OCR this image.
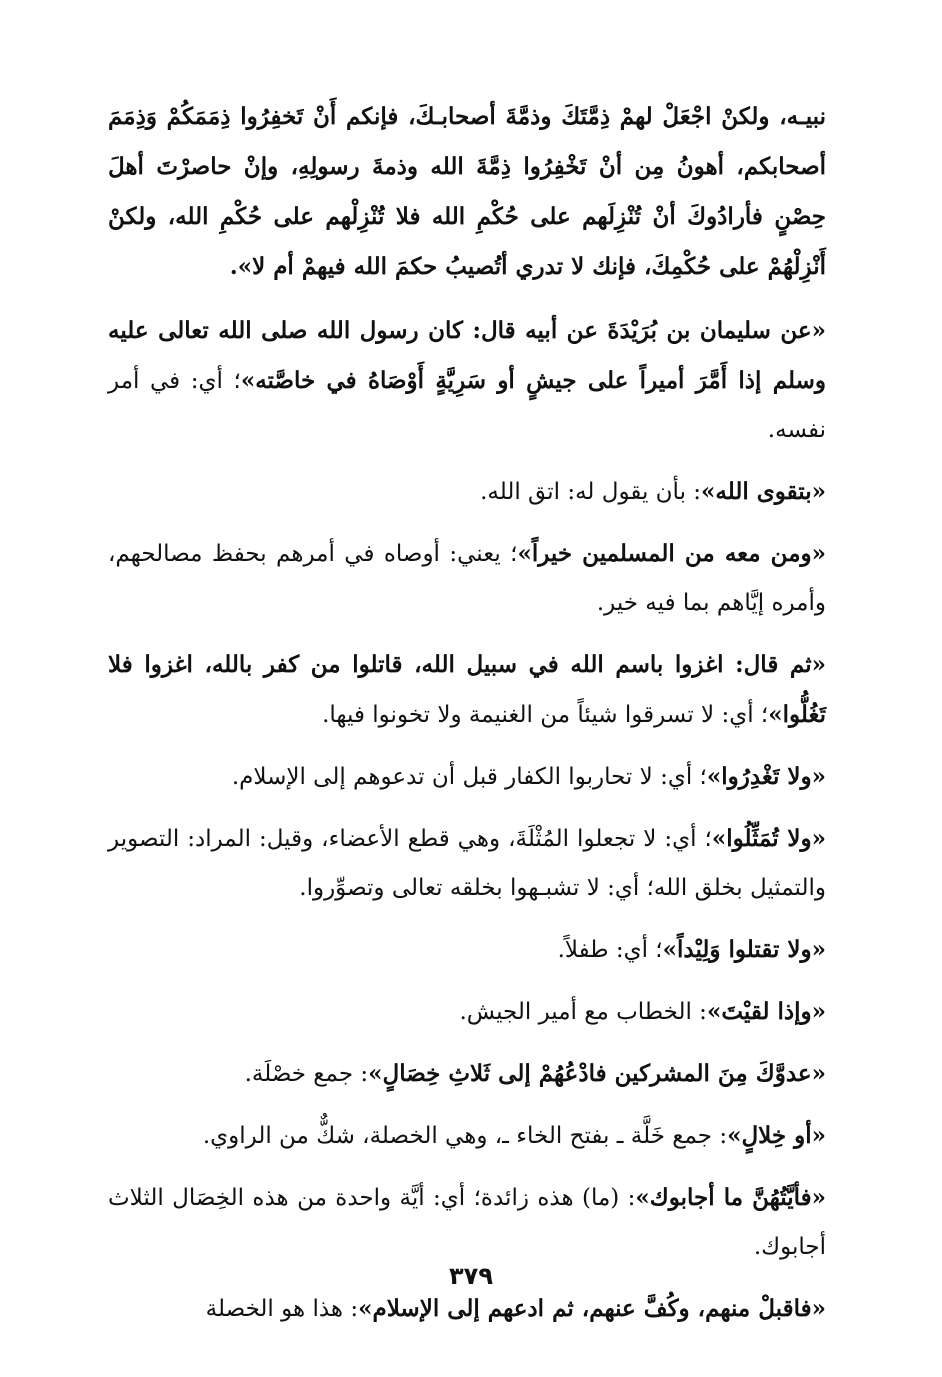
نبيـه، ولكنْ اجْعَلْ لهمْ ذِمَّتَكَ وذمَّةَ أصحابـكَ، فإنكم أَنْ تَخفِرُوا ذِمَمَكُمْ وَذِمَمَ أصحابكم، أهونُ مِن أنْ تَخْفِرُوا ذِمَّةَ الله وذمةَ رسولِهِ، وإنْ حاصرْتَ أهلَ حِصْنٍ فأرادُوكَ أنْ تُنْزِلَهم على حُكْمِ الله فلا تُنْزِلْهم على حُكْمِ الله، ولكنْ أَنْزِلْهُمْ على حُكْمِكَ، فإنك لا تدري أتُصيبُ حكمَ الله فيهمْ أم لا».

«عن سليمان بن بُرَيْدَةَ عن أبيه قال: كان رسول الله صلى الله تعالى عليه وسلم إذا أَمَّرَ أميراً على جيشٍ أو سَرِيَّةٍ أَوْصَاهُ في خاصَّته»؛ أي: في أمر نفسه.

«بتقوى الله»: بأن يقول له: اتق الله.

«ومن معه من المسلمين خيراً»؛ يعني: أوصاه في أمرهم بحفظ مصالحهم، وأمره إيَّاهم بما فيه خير.

«ثم قال: اغزوا باسم الله في سبيل الله، قاتلوا من كفر بالله، اغزوا فلا تَغُلُّوا»؛ أي: لا تسرقوا شيئاً من الغنيمة ولا تخونوا فيها.

«ولا تَغْدِرُوا»؛ أي: لا تحاربوا الكفار قبل أن تدعوهم إلى الإسلام.

«ولا تُمَثِّلُوا»؛ أي: لا تجعلوا المُثْلَةَ، وهي قطع الأعضاء، وقيل: المراد: التصوير والتمثيل بخلق الله؛ أي: لا تشبـهوا بخلقه تعالى وتصوِّروا.

«ولا تقتلوا وَلِيْداً»؛ أي: طفلاً.

«وإذا لقيْتَ»: الخطاب مع أمير الجيش.

«عدوَّكَ مِنَ المشركين فادْعُهُمْ إلى ثَلاثِ خِصَالٍ»: جمع خصْلَة.

«أو خِلالٍ»: جمع خَلَّة ـ بفتح الخاء ـ، وهي الخصلة، شكٌّ من الراوي.

«فأيَّتُهُنَّ ما أجابوك»: (ما) هذه زائدة؛ أي: أيَّة واحدة من هذه الخِصَال الثلاث أجابوك.

«فاقبلْ منهم، وكُفَّ عنهم، ثم ادعهم إلى الإسلام»: هذا هو الخصلة

٣٧٩
